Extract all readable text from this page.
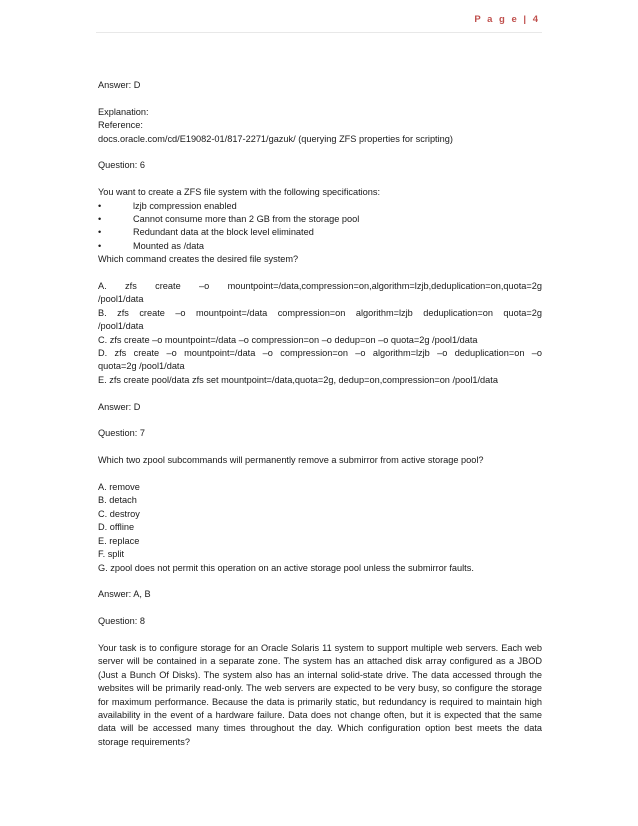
P a g e | 4

Answer: D

Explanation:

Reference:

docs.oracle.com/cd/E19082-01/817-2271/gazuk/ (querying ZFS properties for scripting)

Question: 6

You want to create a ZFS file system with the following specifications:

•	lzjb compression enabled
•	Cannot consume more than 2 GB from the storage pool
•	Redundant data at the block level eliminated
•	Mounted as /data

Which command creates the desired file system?

A. zfs create –o mountpoint=/data,compression=on,algorithm=lzjb,deduplication=on,quota=2g

/pool1/data

B. zfs create –o mountpoint=/data compression=on algorithm=lzjb deduplication=on quota=2g

/pool1/data

C. zfs create –o mountpoint=/data –o compression=on –o dedup=on –o quota=2g /pool1/data

D. zfs create –o mountpoint=/data –o compression=on –o algorithm=lzjb –o deduplication=on –o

quota=2g /pool1/data

E. zfs create pool/data zfs set mountpoint=/data,quota=2g, dedup=on,compression=on /pool1/data

Answer: D

Question: 7

Which two zpool subcommands will permanently remove a submirror from active storage pool?

A. remove

B. detach

C. destroy

D. offline

E. replace

F. split

G. zpool does not permit this operation on an active storage pool unless the submirror faults.

Answer: A, B

Question: 8

Your task is to configure storage for an Oracle Solaris 11 system to support multiple web servers. Each web server will be contained in a separate zone. The system has an attached disk array configured as a JBOD (Just a Bunch Of Disks). The system also has an internal solid-state drive. The data accessed through the websites will be primarily read-only. The web servers are expected to be very busy, so configure the storage for maximum performance. Because the data is primarily static, but redundancy is required to maintain high availability in the event of a hardware failure. Data does not change often, but it is expected that the same data will be accessed many times throughout the day. Which configuration option best meets the data storage requirements?
